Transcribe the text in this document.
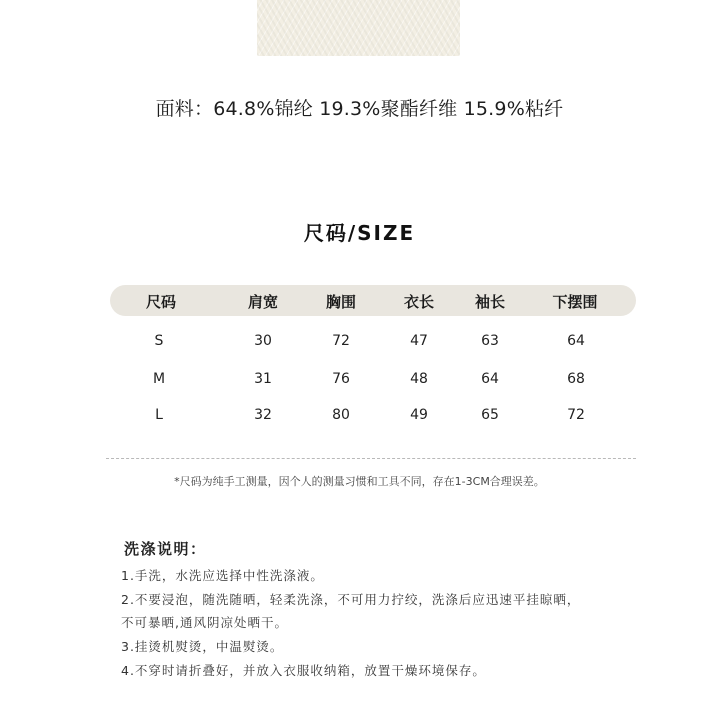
面料：64.8%锦纶 19.3%聚酯纤维 15.9%粘纤
尺码/SIZE
尺码	肩宽	胸围	衣长	袖长	下摆围
S	30	72	47	63	64
M	31	76	48	64	68
L	32	80	49	65	72
*尺码为纯手工测量，因个人的测量习惯和工具不同，存在1-3CM合理误差。
洗涤说明：
1.手洗，水洗应选择中性洗涤液。
2.不要浸泡，随洗随晒，轻柔洗涤，不可用力拧绞，洗涤后应迅速平挂晾晒，
不可暴晒,通风阴凉处晒干。
3.挂烫机熨烫，中温熨烫。
4.不穿时请折叠好，并放入衣服收纳箱，放置干燥环境保存。
